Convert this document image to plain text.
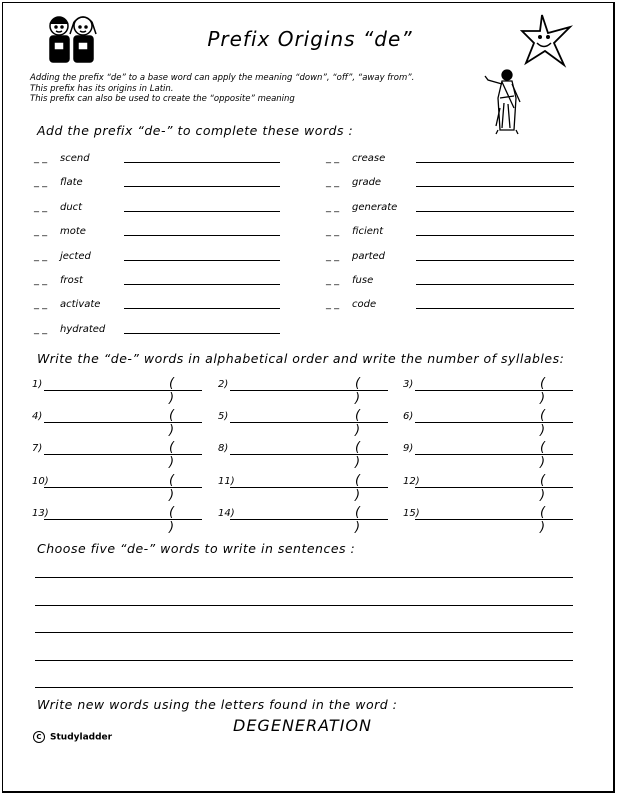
Prefix Origins “de”
Adding the prefix “de” to a base word can apply the meaning “down”, “off”, “away from”.
This prefix has its origins in Latin.
This prefix can also be used to create the “opposite” meaning
Add the prefix “de-” to complete these words :
_ _ scend
_ _ flate
_ _ duct
_ _ mote
_ _ jected
_ _ frost
_ _ activate
_ _ hydrated
_ _ crease
_ _ grade
_ _ generate
_ _ ficient
_ _ parted
_ _ fuse
_ _ code
Write the “de-” words in alphabetical order and write the number of syllables:
1)	( )
2)	( )
3)	( )
4)	( )
5)	( )
6)	( )
7)	( )
8)	( )
9)	( )
10)	( )
11)	( )
12)	( )
13)	( )
14)	( )
15)	( )
Choose five “de-” words to write in sentences :
Write new words using the letters found in the word :
DEGENERATION
C Studyladder
